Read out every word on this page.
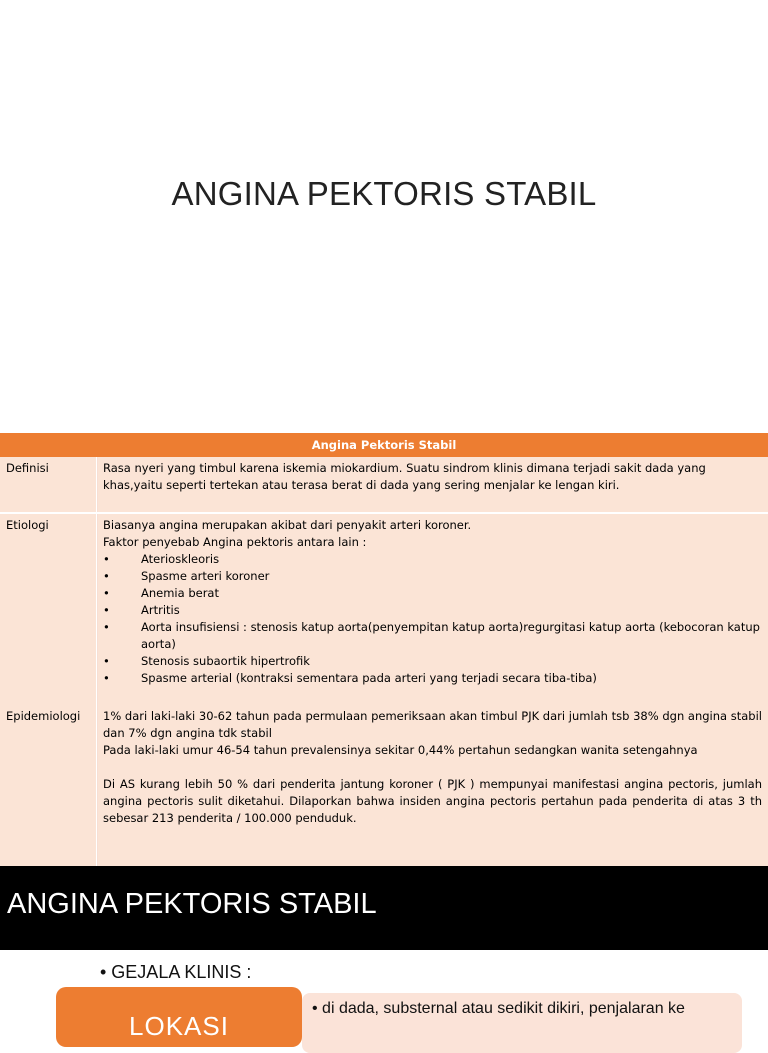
ANGINA PEKTORIS STABIL
Angina Pektoris Stabil
Definisi	Rasa nyeri yang timbul karena iskemia miokardium. Suatu sindrom klinis dimana terjadi sakit dada yang
khas,yaitu seperti tertekan atau terasa berat di dada yang sering menjalar ke lengan kiri.
Etiologi	Biasanya angina merupakan akibat dari penyakit arteri koroner.
Faktor penyebab Angina pektoris antara lain :
•	Aterioskleoris
•	Spasme arteri koroner
•	Anemia berat
•	Artritis
•	Aorta insufisiensi : stenosis katup aorta(penyempitan katup aorta)regurgitasi katup aorta (kebocoran katup aorta)
•	Stenosis subaortik hipertrofik
•	Spasme arterial (kontraksi sementara pada arteri yang terjadi secara tiba-tiba)
Epidemiologi 1% dari laki-laki 30-62 tahun pada permulaan pemeriksaan akan timbul PJK dari jumlah tsb 38% dgn angina stabil dan 7% dgn angina tdk stabil
Pada laki-laki umur 46-54 tahun prevalensinya sekitar 0,44% pertahun sedangkan wanita setengahnya
Di AS kurang lebih 50 % dari penderita jantung koroner ( PJK ) mempunyai manifestasi angina pectoris, jumlah angina pectoris sulit diketahui. Dilaporkan bahwa insiden angina pectoris pertahun pada penderita di atas 3 th sebesar 213 penderita / 100.000 penduduk.
ANGINA PEKTORIS STABIL
• GEJALA KLINIS :
• di dada, substernal atau sedikit dikiri, penjalaran ke
LOKASI
